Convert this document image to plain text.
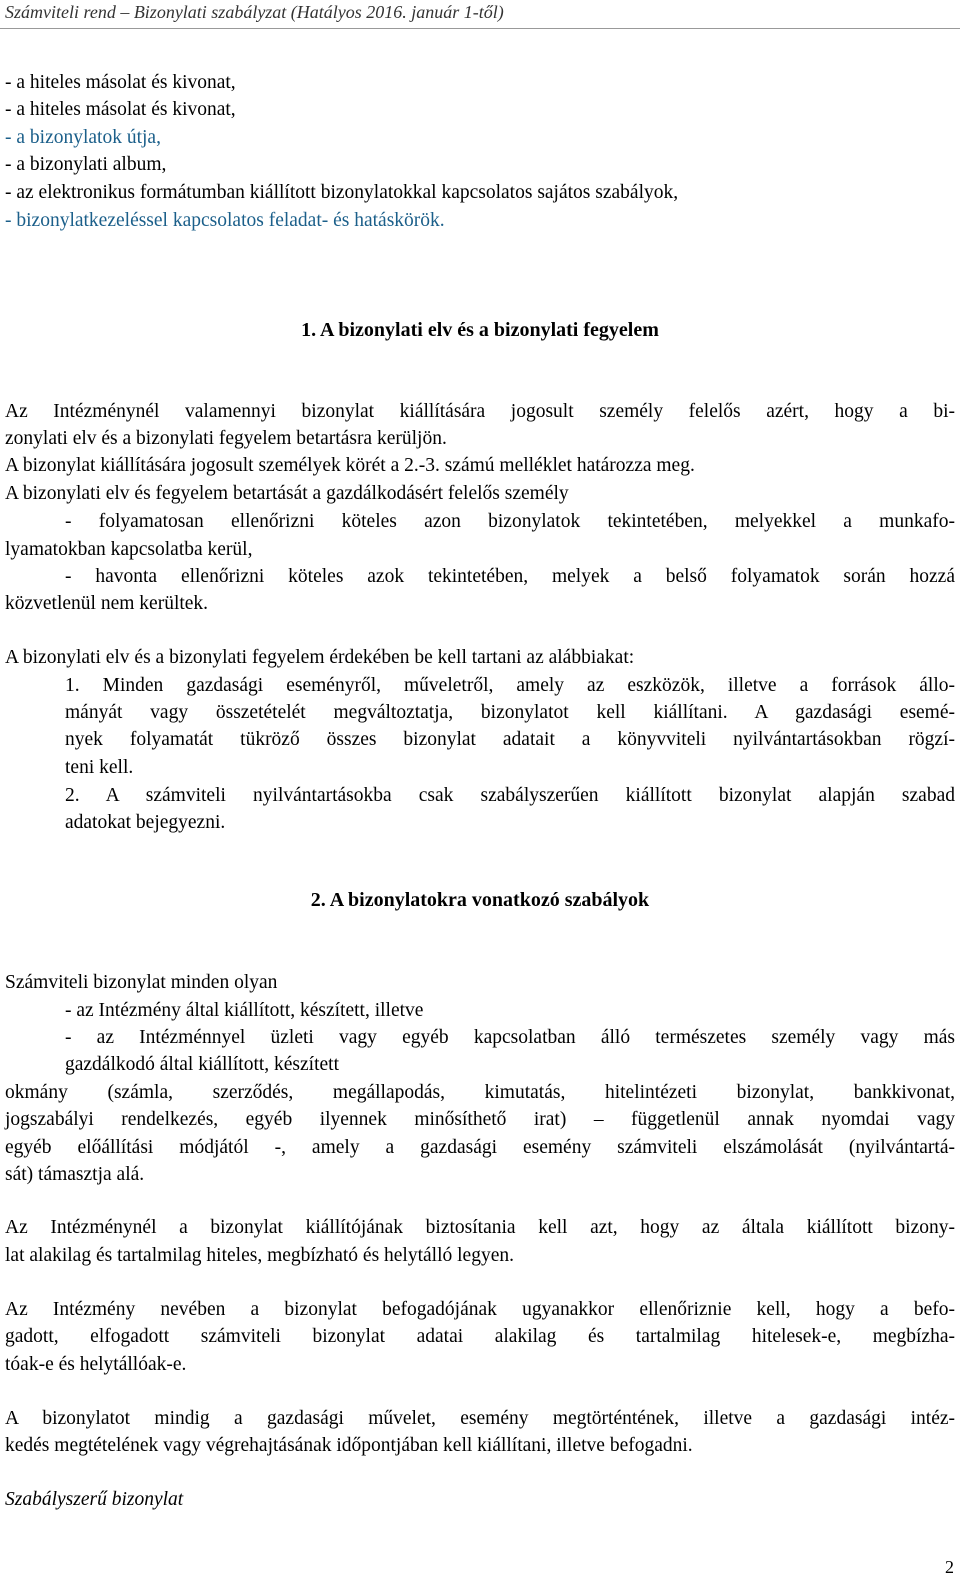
Számviteli rend – Bizonylati szabályzat (Hatályos 2016. január 1-től)
- a hiteles másolat és kivonat,
- a hiteles másolat és kivonat,
- a bizonylatok útja,
- a bizonylati album,
- az elektronikus formátumban kiállított bizonylatokkal kapcsolatos sajátos szabályok,
- bizonylatkezeléssel kapcsolatos feladat- és hatáskörök.
1. A bizonylati elv és a bizonylati fegyelem
Az Intézménynél valamennyi bizonylat kiállítására jogosult személy felelős azért, hogy a bi-
zonylati elv és a bizonylati fegyelem betartásra kerüljön.
A bizonylat kiállítására jogosult személyek körét a 2.-3. számú melléklet határozza meg.
A bizonylati elv és fegyelem betartását a gazdálkodásért felelős személy
- folyamatosan ellenőrizni köteles azon bizonylatok tekintetében, melyekkel a munkafo-
lyamatokban kapcsolatba kerül,
- havonta ellenőrizni köteles azok tekintetében, melyek a belső folyamatok során hozzá
közvetlenül nem kerültek.
A bizonylati elv és a bizonylati fegyelem érdekében be kell tartani az alábbiakat:
1. Minden gazdasági eseményről, műveletről, amely az eszközök, illetve a források állo-
mányát vagy összetételét megváltoztatja, bizonylatot kell kiállítani. A gazdasági esemé-
nyek folyamatát tükröző összes bizonylat adatait a könyvviteli nyilvántartásokban rögzí-
teni kell.
2. A számviteli nyilvántartásokba csak szabályszerűen kiállított bizonylat alapján szabad
adatokat bejegyezni.
2. A bizonylatokra vonatkozó szabályok
Számviteli bizonylat minden olyan
- az Intézmény által kiállított, készített, illetve
- az Intézménnyel üzleti vagy egyéb kapcsolatban álló természetes személy vagy más
gazdálkodó által kiállított, készített
okmány (számla, szerződés, megállapodás, kimutatás, hitelintézeti bizonylat, bankkivonat,
jogszabályi rendelkezés, egyéb ilyennek minősíthető irat) – függetlenül annak nyomdai vagy
egyéb előállítási módjától -, amely a gazdasági esemény számviteli elszámolását (nyilvántartá-
sát) támasztja alá.
Az Intézménynél a bizonylat kiállítójának biztosítania kell azt, hogy az általa kiállított bizony-
lat alakilag és tartalmilag hiteles, megbízható és helytálló legyen.
Az Intézmény nevében a bizonylat befogadójának ugyanakkor ellenőriznie kell, hogy a befo-
gadott, elfogadott számviteli bizonylat adatai alakilag és tartalmilag hitelesek-e, megbízha-
tóak-e és helytállóak-e.
A bizonylatot mindig a gazdasági művelet, esemény megtörténtének, illetve a gazdasági intéz-
kedés megtételének vagy végrehajtásának időpontjában kell kiállítani, illetve befogadni.
Szabályszerű bizonylat
2
